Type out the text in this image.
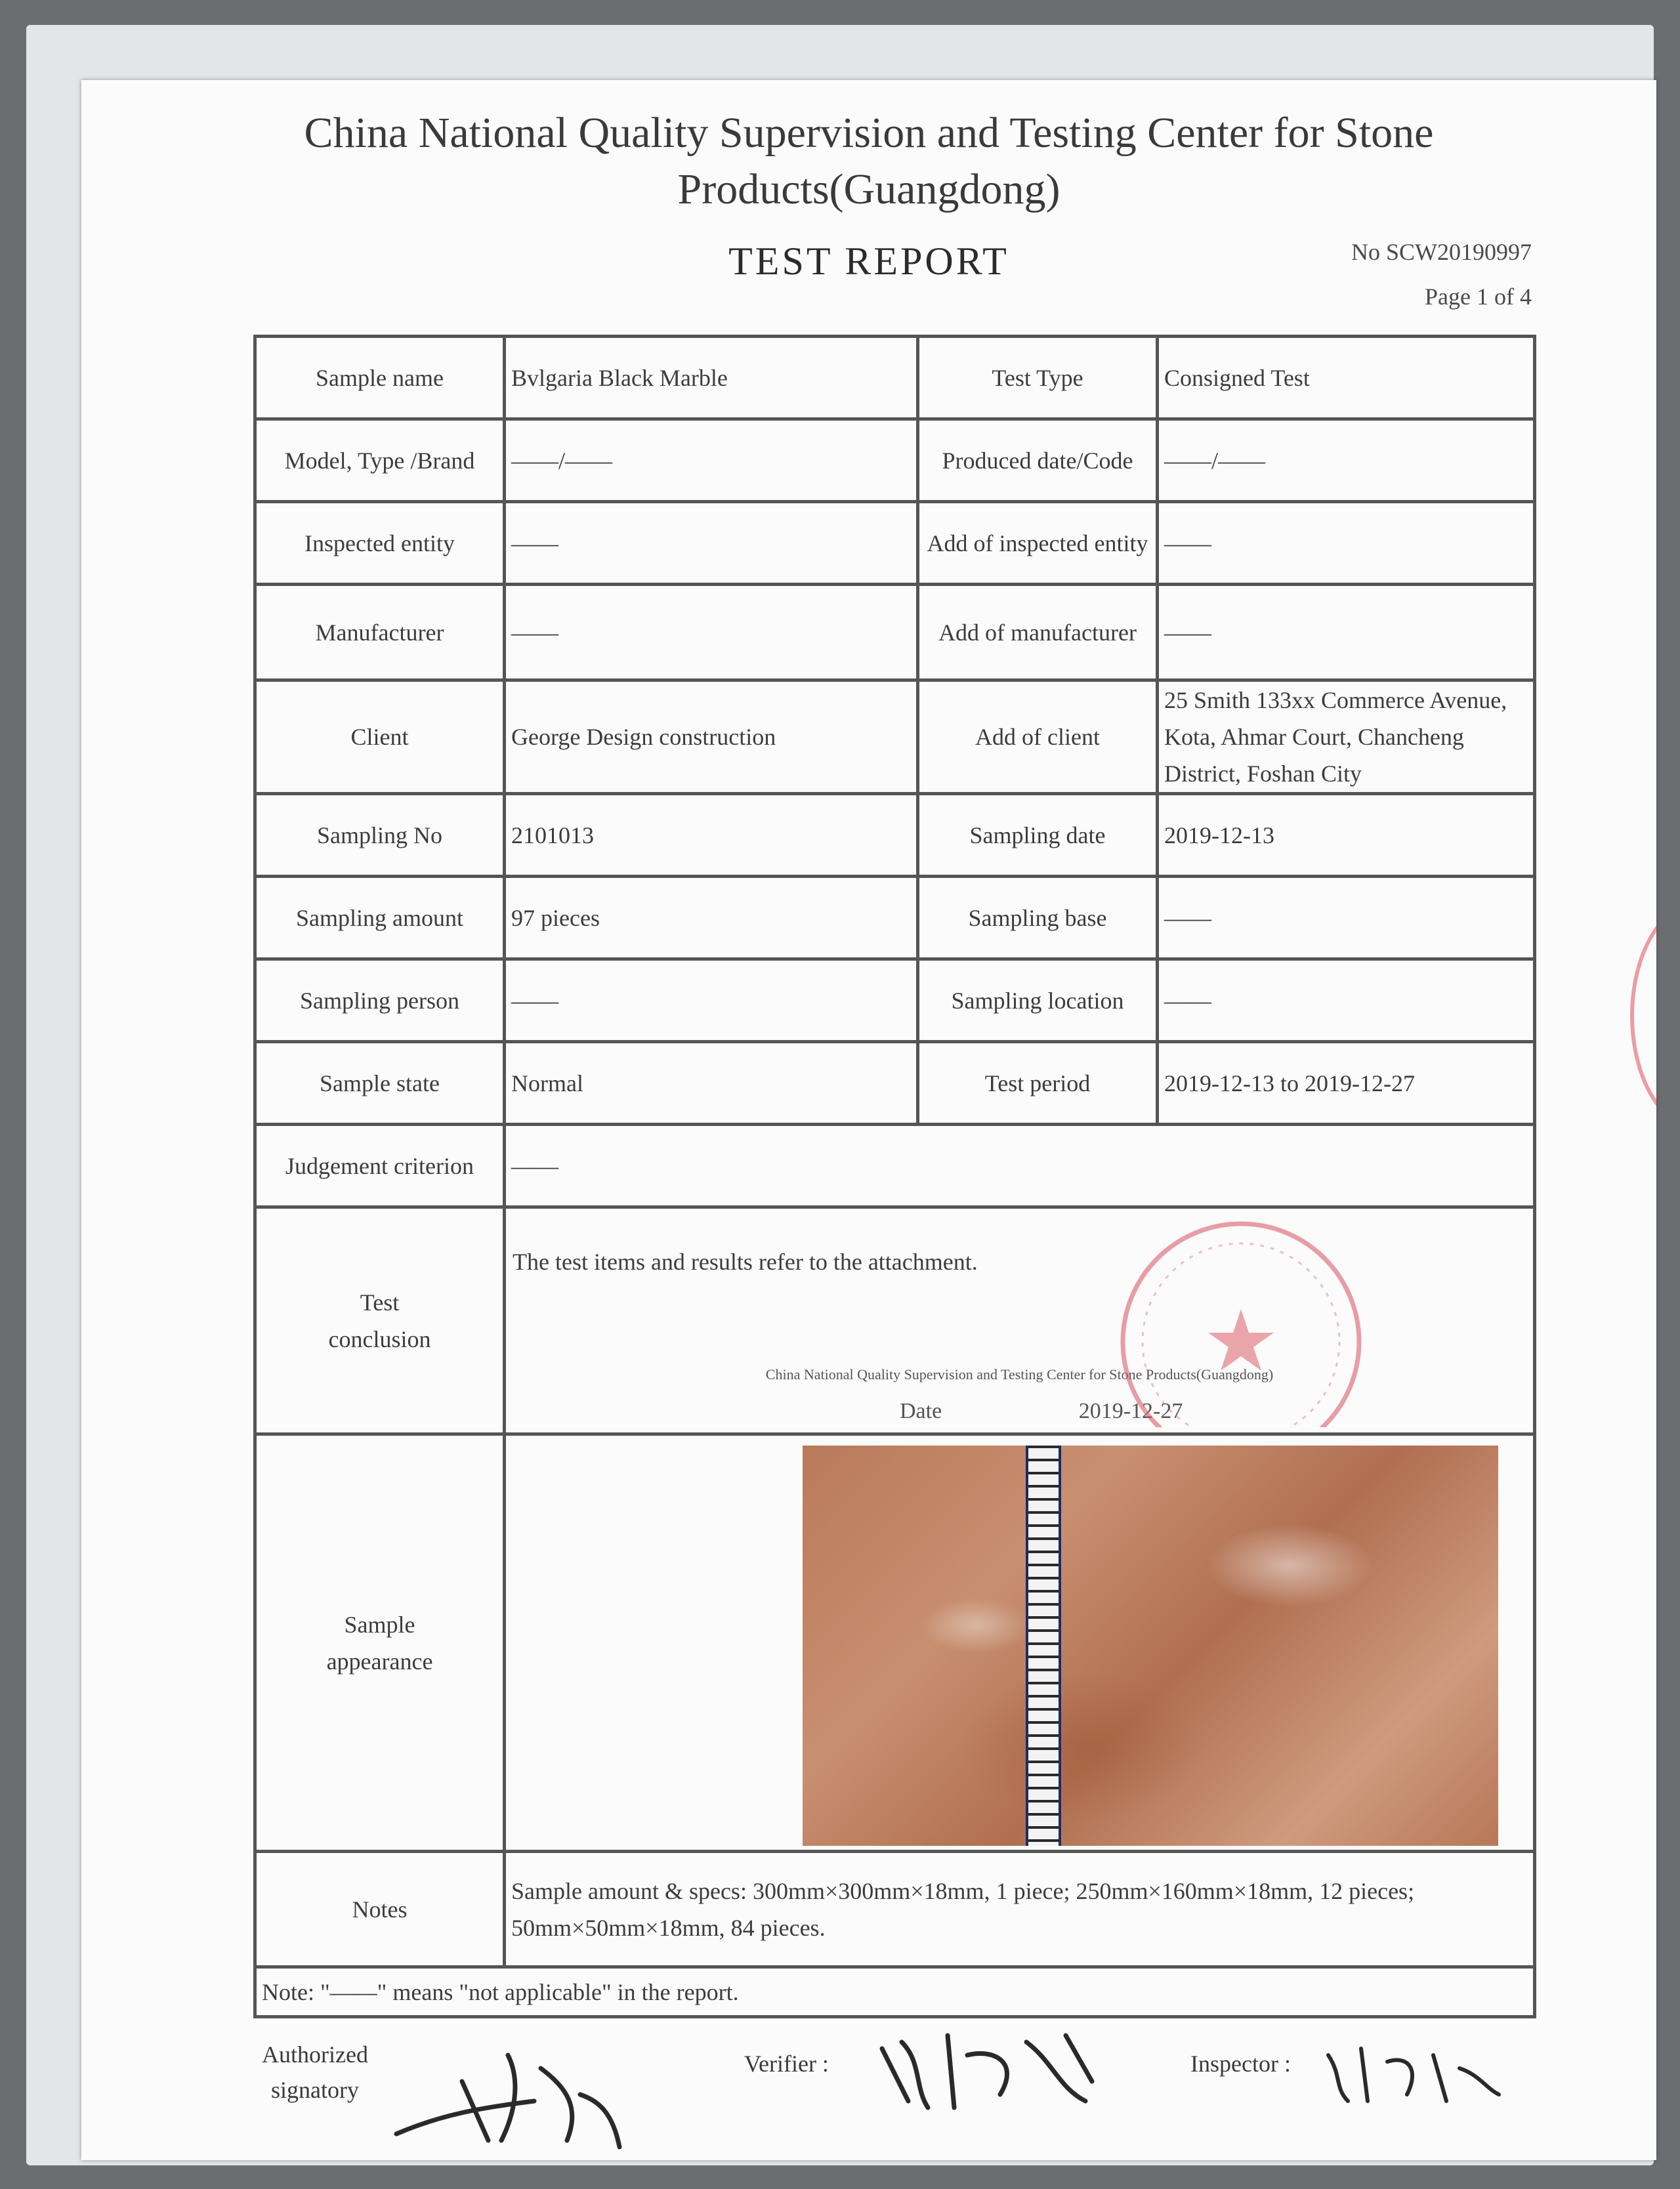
China National Quality Supervision and Testing Center for Stone Products(Guangdong)
TEST REPORT	No SCW20190997
Page 1 of 4
Sample name	Bvlgaria Black Marble	Test Type	Consigned Test
Model, Type /Brand	——/——	Produced date/Code	——/——
Inspected entity	——	Add of inspected entity	——
Manufacturer	——	Add of manufacturer	——
Client	George Design construction	Add of client	25 Smith 133xx Commerce Avenue, Kota, Ahmar Court, Chancheng District, Foshan City
Sampling No	2101013	Sampling date	2019-12-13
Sampling amount	97 pieces	Sampling base	——
Sampling person	——	Sampling location	——
Sample state	Normal	Test period	2019-12-13 to 2019-12-27
Judgement criterion	——		
Test conclusion	The test items and results refer to the attachment.
China National Quality Supervision and Testing Center for Stone Products(Guangdong)
Date 2019-12-27		

Sample appearance			

Notes	Sample amount & specs: 300mm×300mm×18mm, 1 piece; 250mm×160mm×18mm, 12 pieces; 50mm×50mm×18mm, 84 pieces.		
Note: "——" means "not applicable" in the report.			
Authorized signatory
Verifier :	Inspector :
